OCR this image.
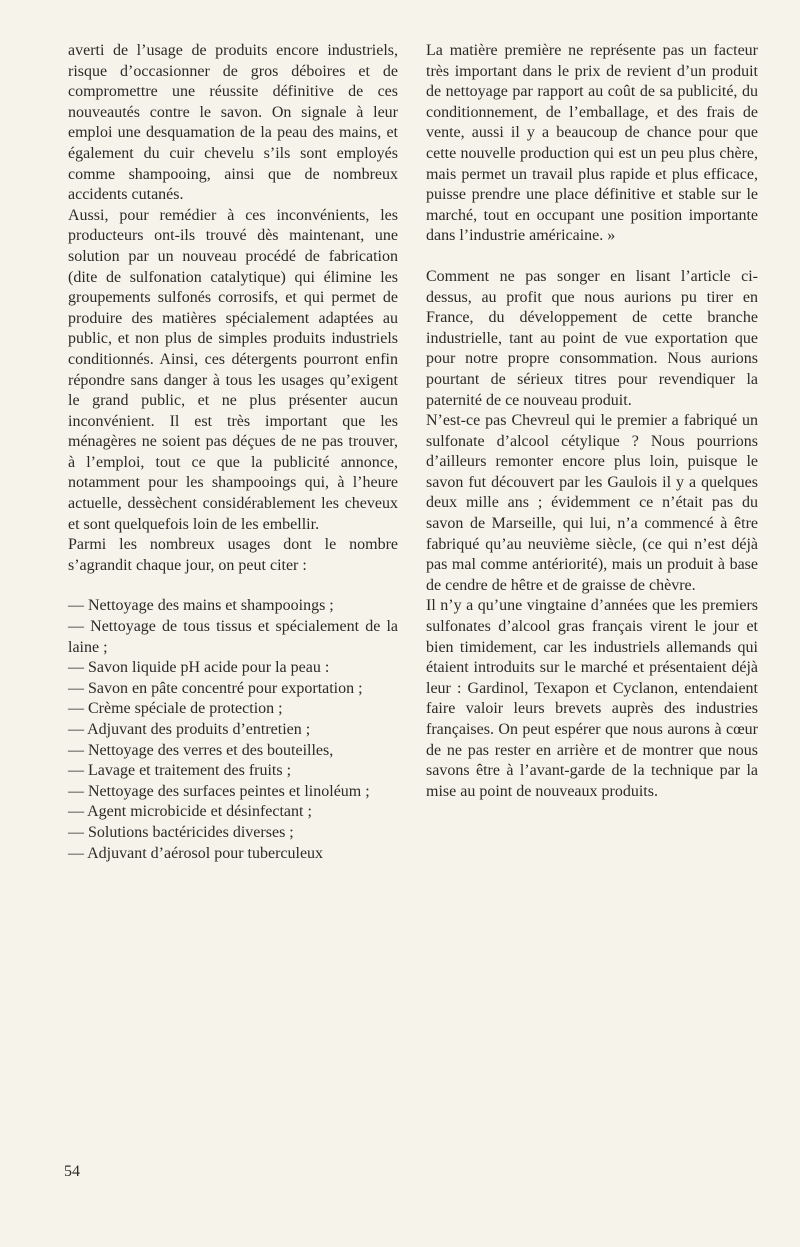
averti de l’usage de produits encore industriels, risque d’occasionner de gros déboires et de compromettre une réussite définitive de ces nouveautés contre le savon. On signale à leur emploi une desquamation de la peau des mains, et également du cuir chevelu s’ils sont employés comme shampooing, ainsi que de nombreux accidents cutanés.

Aussi, pour remédier à ces inconvénients, les producteurs ont-ils trouvé dès maintenant, une solution par un nouveau procédé de fabrication (dite de sulfonation catalytique) qui élimine les groupements sulfonés corrosifs, et qui permet de produire des matières spécialement adaptées au public, et non plus de simples produits industriels conditionnés. Ainsi, ces détergents pourront enfin répondre sans danger à tous les usages qu’exigent le grand public, et ne plus présenter aucun inconvénient. Il est très important que les ménagères ne soient pas déçues de ne pas trouver, à l’emploi, tout ce que la publicité annonce, notamment pour les shampooings qui, à l’heure actuelle, dessèchent considérablement les cheveux et sont quelquefois loin de les embellir.

Parmi les nombreux usages dont le nombre s’agrandit chaque jour, on peut citer :

— Nettoyage des mains et shampooings ;
— Nettoyage de tous tissus et spécialement de la laine ;
— Savon liquide pH acide pour la peau :
— Savon en pâte concentré pour exportation ;
— Crème spéciale de protection ;
— Adjuvant des produits d’entretien ;
— Nettoyage des verres et des bouteilles,
— Lavage et traitement des fruits ;
— Nettoyage des surfaces peintes et linoléum ;
— Agent microbicide et désinfectant ;
— Solutions bactéricides diverses ;
— Adjuvant d’aérosol pour tuberculeux

La matière première ne représente pas un facteur très important dans le prix de revient d’un produit de nettoyage par rapport au coût de sa publicité, du conditionnement, de l’emballage, et des frais de vente, aussi il y a beaucoup de chance pour que cette nouvelle production qui est un peu plus chère, mais permet un travail plus rapide et plus efficace, puisse prendre une place définitive et stable sur le marché, tout en occupant une position importante dans l’industrie américaine. »

Comment ne pas songer en lisant l’article ci-dessus, au profit que nous aurions pu tirer en France, du développement de cette branche industrielle, tant au point de vue exportation que pour notre propre consommation. Nous aurions pourtant de sérieux titres pour revendiquer la paternité de ce nouveau produit.

N’est-ce pas Chevreul qui le premier a fabriqué un sulfonate d’alcool cétylique ? Nous pourrions d’ailleurs remonter encore plus loin, puisque le savon fut découvert par les Gaulois il y a quelques deux mille ans ; évidemment ce n’était pas du savon de Marseille, qui lui, n’a commencé à être fabriqué qu’au neuvième siècle, (ce qui n’est déjà pas mal comme antériorité), mais un produit à base de cendre de hêtre et de graisse de chèvre.

Il n’y a qu’une vingtaine d’années que les premiers sulfonates d’alcool gras français virent le jour et bien timidement, car les industriels allemands qui étaient introduits sur le marché et présentaient déjà leur : Gardinol, Texapon et Cyclanon, entendaient faire valoir leurs brevets auprès des industries françaises. On peut espérer que nous aurons à cœur de ne pas rester en arrière et de montrer que nous savons être à l’avant-garde de la technique par la mise au point de nouveaux produits.

54
